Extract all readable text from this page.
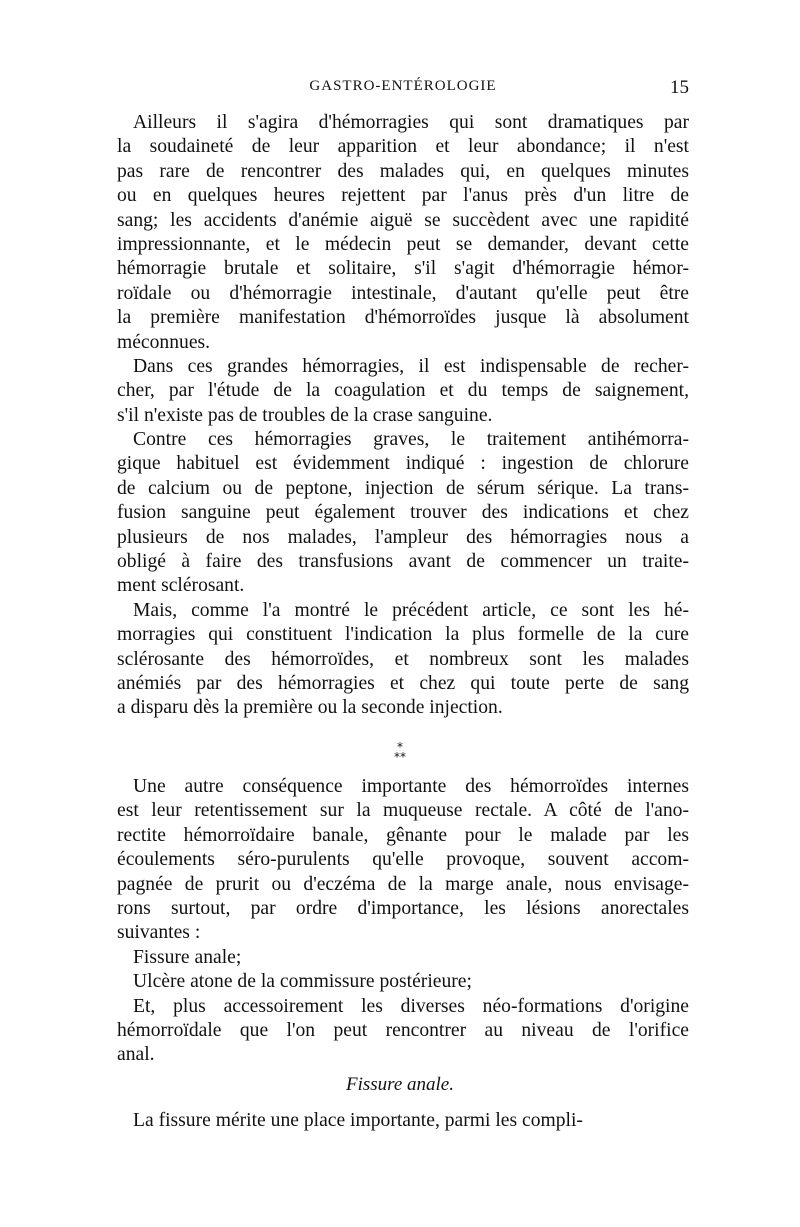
GASTRO-ENTÉROLOGIE	15
Ailleurs il s'agira d'hémorragies qui sont dramatiques par
la soudaineté de leur apparition et leur abondance; il n'est
pas rare de rencontrer des malades qui, en quelques minutes
ou en quelques heures rejettent par l'anus près d'un litre de
sang; les accidents d'anémie aiguë se succèdent avec une rapidité
impressionnante, et le médecin peut se demander, devant cette
hémorragie brutale et solitaire, s'il s'agit d'hémorragie hémor-
roïdale ou d'hémorragie intestinale, d'autant qu'elle peut être
la première manifestation d'hémorroïdes jusque là absolument
méconnues.
Dans ces grandes hémorragies, il est indispensable de recher-
cher, par l'étude de la coagulation et du temps de saignement,
s'il n'existe pas de troubles de la crase sanguine.
Contre ces hémorragies graves, le traitement antihémorra-
gique habituel est évidemment indiqué : ingestion de chlorure
de calcium ou de peptone, injection de sérum sérique. La trans-
fusion sanguine peut également trouver des indications et chez
plusieurs de nos malades, l'ampleur des hémorragies nous a
obligé à faire des transfusions avant de commencer un traite-
ment sclérosant.
Mais, comme l'a montré le précédent article, ce sont les hé-
morragies qui constituent l'indication la plus formelle de la cure
sclérosante des hémorroïdes, et nombreux sont les malades
anémiés par des hémorragies et chez qui toute perte de sang
a disparu dès la première ou la seconde injection.
Une autre conséquence importante des hémorroïdes internes
est leur retentissement sur la muqueuse rectale. A côté de l'ano-
rectite hémorroïdaire banale, gênante pour le malade par les
écoulements séro-purulents qu'elle provoque, souvent accom-
pagnée de prurit ou d'eczéma de la marge anale, nous envisage-
rons surtout, par ordre d'importance, les lésions anorectales
suivantes :
Fissure anale;
Ulcère atone de la commissure postérieure;
Et, plus accessoirement les diverses néo-formations d'origine
hémorroïdale que l'on peut rencontrer au niveau de l'orifice
anal.
La fissure mérite une place importante, parmi les compli-
*
**
Fissure anale.
